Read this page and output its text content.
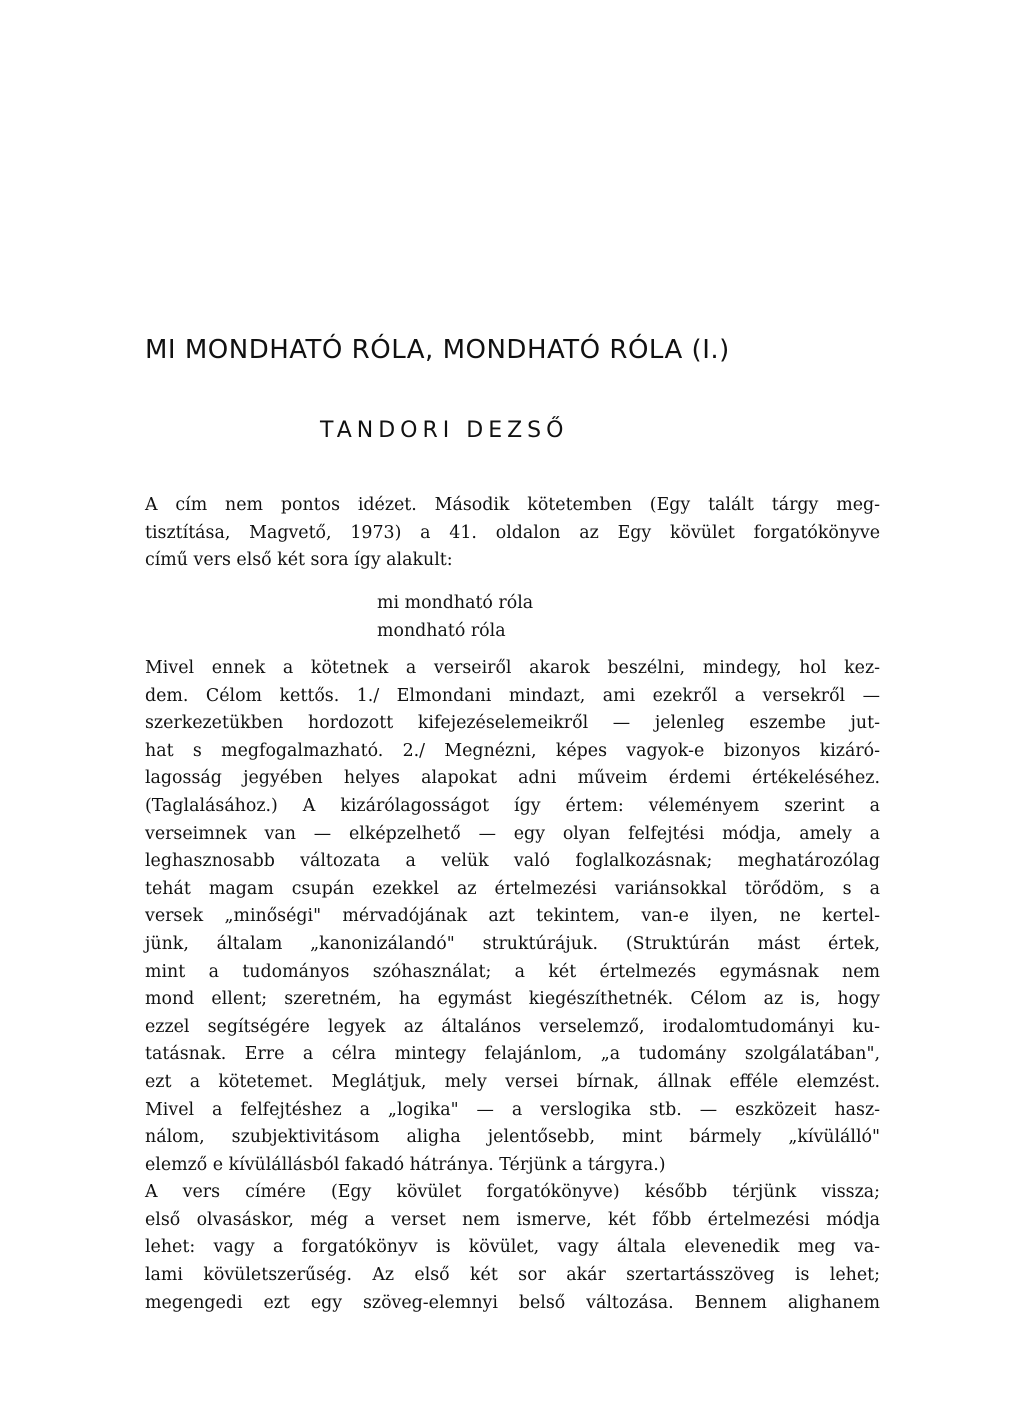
MI MONDHATÓ RÓLA, MONDHATÓ RÓLA (I.)
TANDORI DEZSŐ
A cím nem pontos idézet. Második kötetemben (Egy talált tárgy meg-
tisztítása, Magvető, 1973) a 41. oldalon az Egy kövület forgatókönyve
című vers első két sora így alakult:
mi mondható róla
mondható róla
Mivel ennek a kötetnek a verseiről akarok beszélni, mindegy, hol kez-
dem. Célom kettős. 1./ Elmondani mindazt, ami ezekről a versekről —
szerkezetükben hordozott kifejezéselemeikről — jelenleg eszembe jut-
hat s megfogalmazható. 2./ Megnézni, képes vagyok-e bizonyos kizáró-
lagosság jegyében helyes alapokat adni műveim érdemi értékeléséhez.
(Taglalásához.) A kizárólagosságot így értem: véleményem szerint a
verseimnek van — elképzelhető — egy olyan felfejtési módja, amely a
leghasznosabb változata a velük való foglalkozásnak; meghatározólag
tehát magam csupán ezekkel az értelmezési variánsokkal törődöm, s a
versek „minőségi" mérvadójának azt tekintem, van-e ilyen, ne kertel-
jünk, általam „kanonizálandó" struktúrájuk. (Struktúrán mást értek,
mint a tudományos szóhasználat; a két értelmezés egymásnak nem
mond ellent; szeretném, ha egymást kiegészíthetnék. Célom az is, hogy
ezzel segítségére legyek az általános verselemző, irodalomtudományi ku-
tatásnak. Erre a célra mintegy felajánlom, „a tudomány szolgálatában",
ezt a kötetemet. Meglátjuk, mely versei bírnak, állnak efféle elemzést.
Mivel a felfejtéshez a „logika" — a verslogika stb. — eszközeit hasz-
nálom, szubjektivitásom aligha jelentősebb, mint bármely „kívülálló"
elemző e kívülállásból fakadó hátránya. Térjünk a tárgyra.)
A vers címére (Egy kövület forgatókönyve) később térjünk vissza;
első olvasáskor, még a verset nem ismerve, két főbb értelmezési módja
lehet: vagy a forgatókönyv is kövület, vagy általa elevenedik meg va-
lami kövületszerűség. Az első két sor akár szertartásszöveg is lehet;
megengedi ezt egy szöveg-elemnyi belső változása. Bennem alighanem
